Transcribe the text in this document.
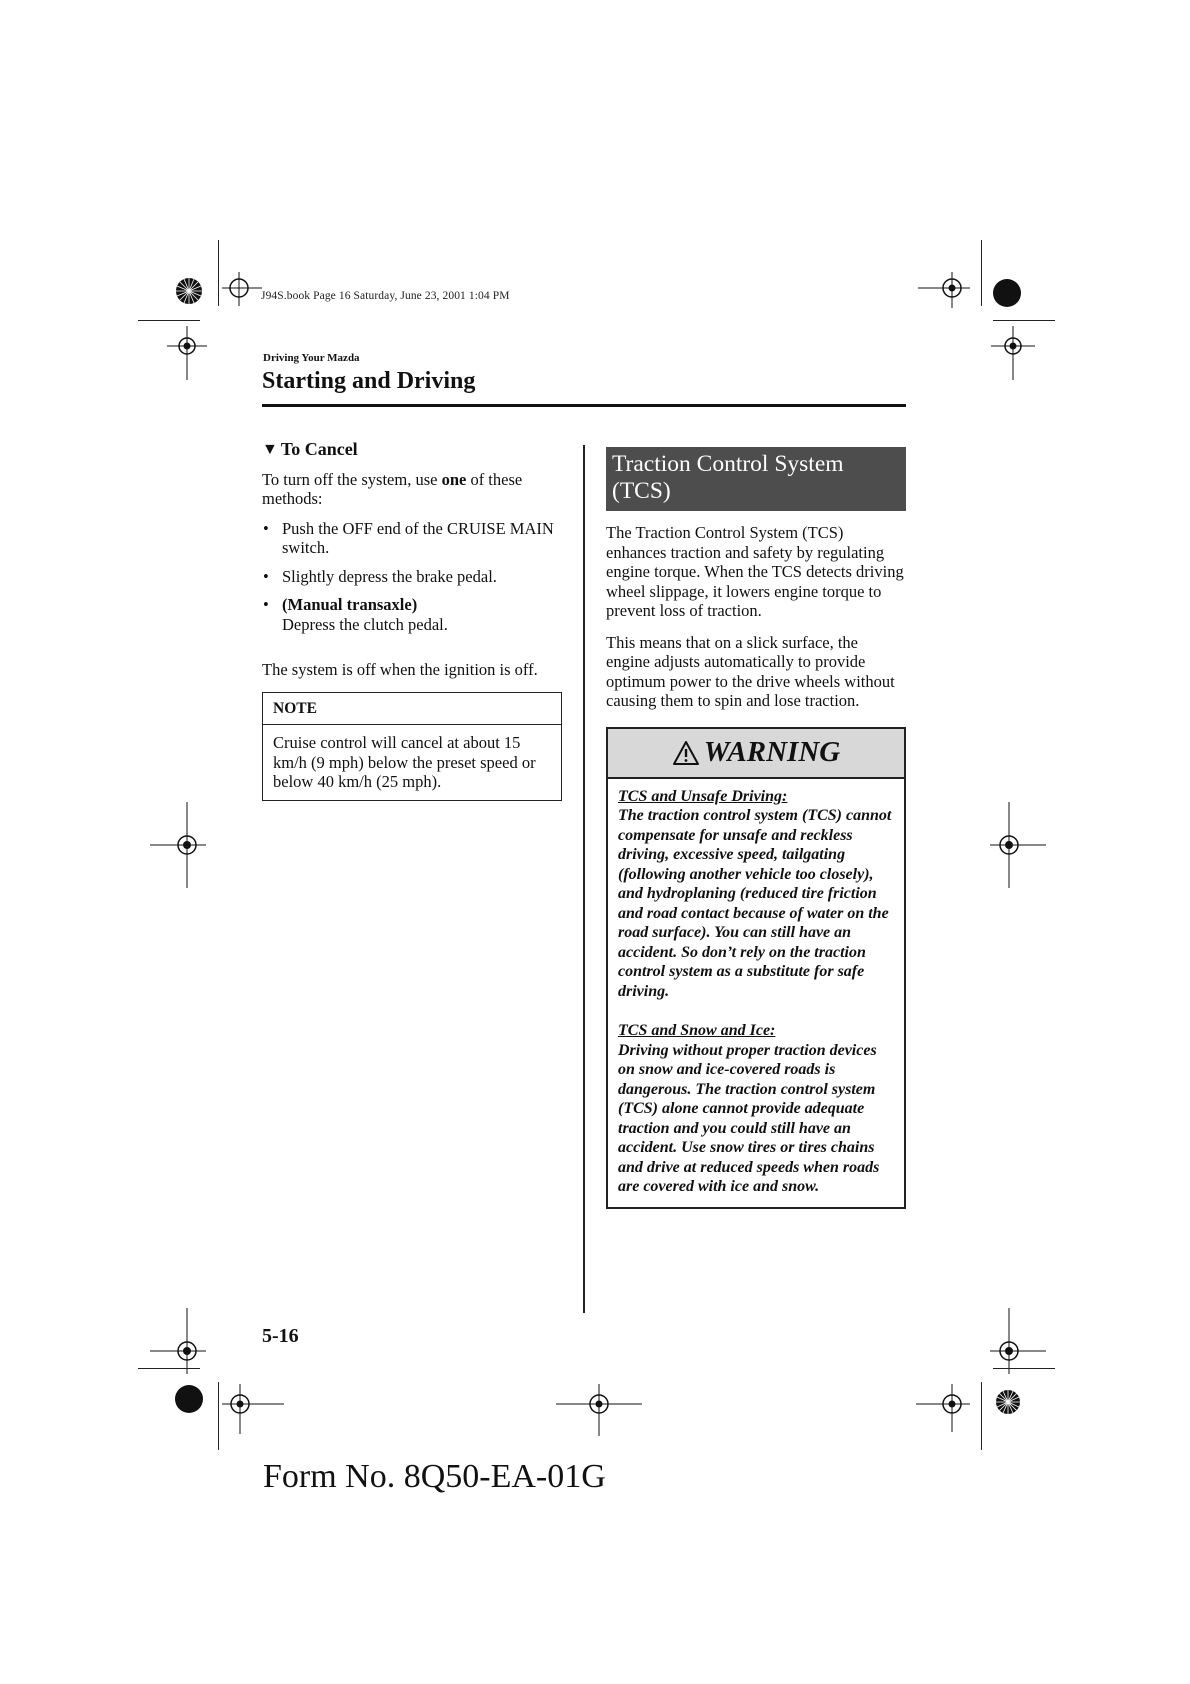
J94S.book Page 16 Saturday, June 23, 2001 1:04 PM
Driving Your Mazda
Starting and Driving
▼ To Cancel

To turn off the system, use one of these methods:

• Push the OFF end of the CRUISE MAIN switch.
• Slightly depress the brake pedal.
• (Manual transaxle)
Depress the clutch pedal.

The system is off when the ignition is off.

NOTE
Cruise control will cancel at about 15 km/h (9 mph) below the preset speed or below 40 km/h (25 mph).
Traction Control System (TCS)

The Traction Control System (TCS) enhances traction and safety by regulating engine torque. When the TCS detects driving wheel slippage, it lowers engine torque to prevent loss of traction.

This means that on a slick surface, the engine adjusts automatically to provide optimum power to the drive wheels without causing them to spin and lose traction.

WARNING
TCS and Unsafe Driving:
The traction control system (TCS) cannot compensate for unsafe and reckless driving, excessive speed, tailgating (following another vehicle too closely), and hydroplaning (reduced tire friction and road contact because of water on the road surface). You can still have an accident. So don’t rely on the traction control system as a substitute for safe driving.
TCS and Snow and Ice:
Driving without proper traction devices on snow and ice-covered roads is dangerous. The traction control system (TCS) alone cannot provide adequate traction and you could still have an accident. Use snow tires or tires chains and drive at reduced speeds when roads are covered with ice and snow.
5-16
Form No. 8Q50-EA-01G
